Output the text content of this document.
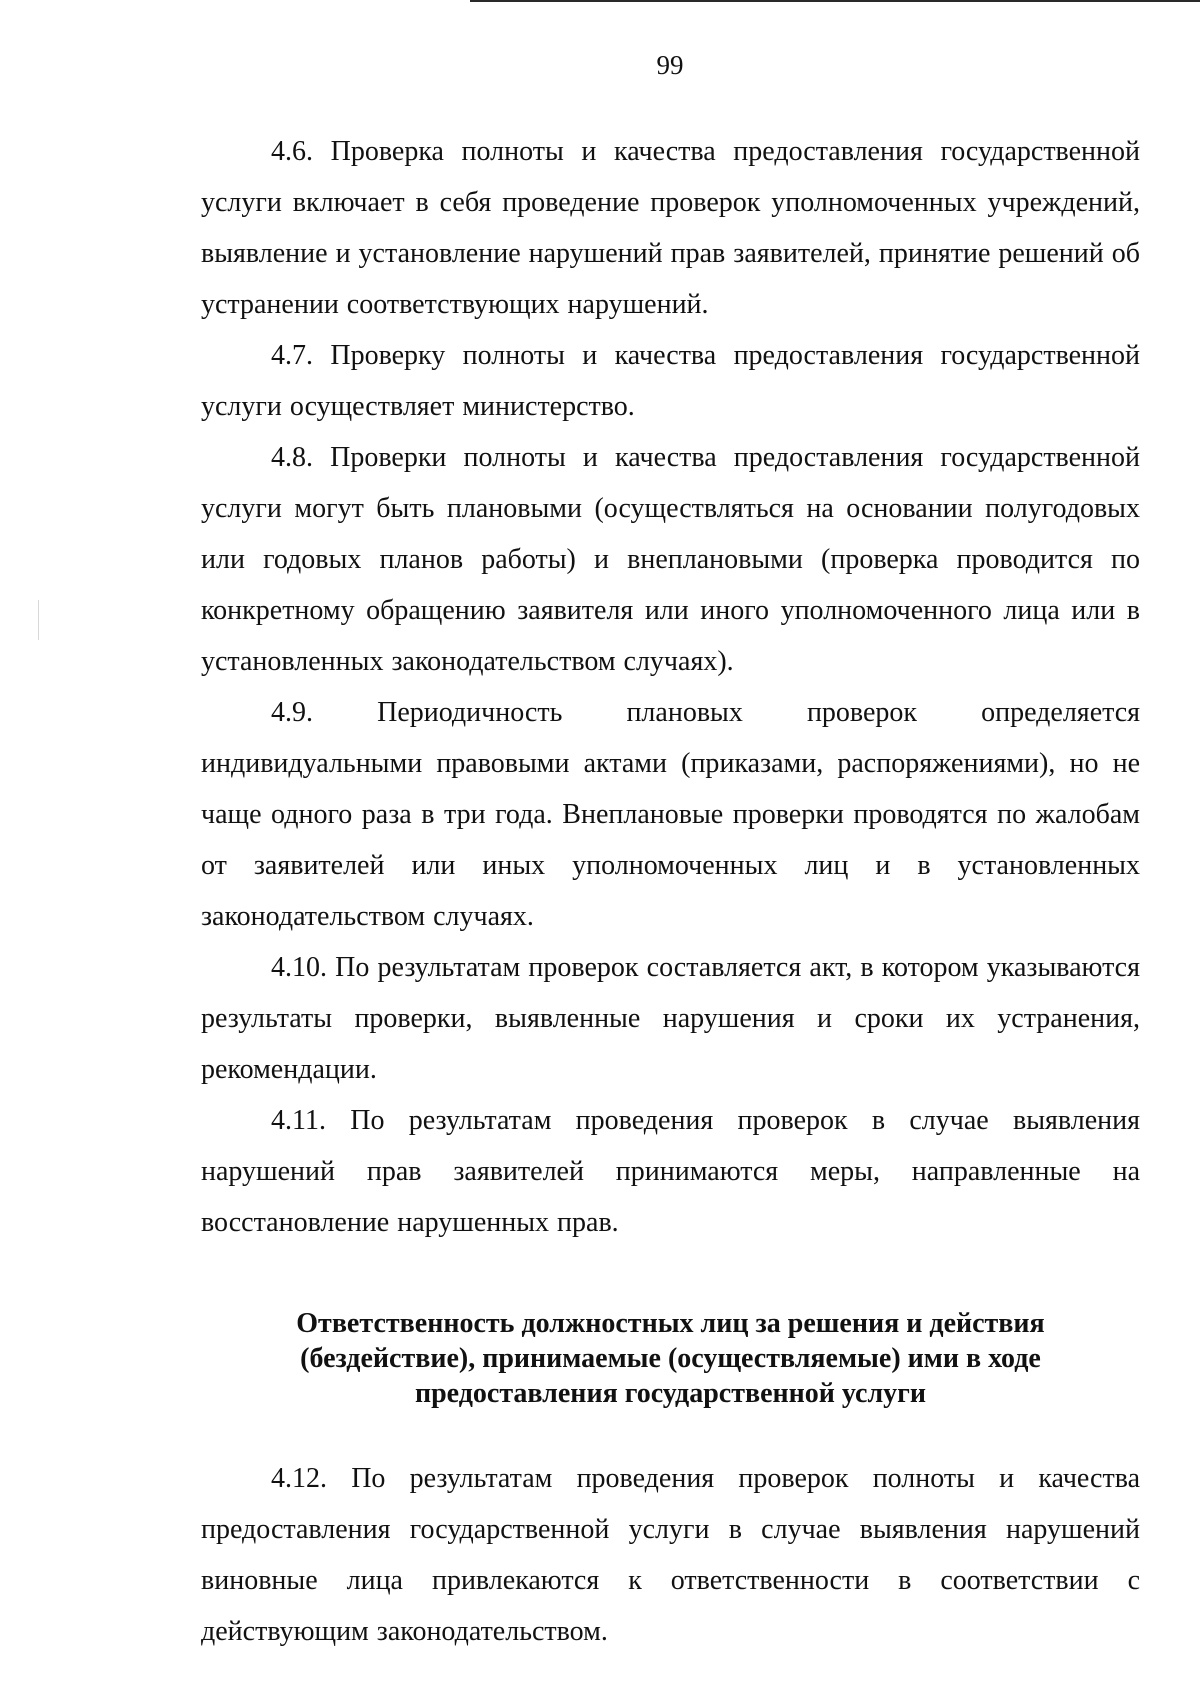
99

4.6. Проверка полноты и качества предоставления государственной услуги включает в себя проведение проверок уполномоченных учреждений, выявление и установление нарушений прав заявителей, принятие решений об устранении соответствующих нарушений.

4.7. Проверку полноты и качества предоставления государственной услуги осуществляет министерство.

4.8. Проверки полноты и качества предоставления государственной услуги могут быть плановыми (осуществляться на основании полугодовых или годовых планов работы) и внеплановыми (проверка проводится по конкретному обращению заявителя или иного уполномоченного лица или в установленных законодательством случаях).

4.9. Периодичность плановых проверок определяется индивидуальными правовыми актами (приказами, распоряжениями), но не чаще одного раза в три года. Внеплановые проверки проводятся по жалобам от заявителей или иных уполномоченных лиц и в установленных законодательством случаях.

4.10. По результатам проверок составляется акт, в котором указываются результаты проверки, выявленные нарушения и сроки их устранения, рекомендации.

4.11. По результатам проведения проверок в случае выявления нарушений прав заявителей принимаются меры, направленные на восстановление нарушенных прав.

Ответственность должностных лиц за решения и действия
(бездействие), принимаемые (осуществляемые) ими в ходе
предоставления государственной услуги

4.12. По результатам проведения проверок полноты и качества предоставления государственной услуги в случае выявления нарушений виновные лица привлекаются к ответственности в соответствии с действующим законодательством.
